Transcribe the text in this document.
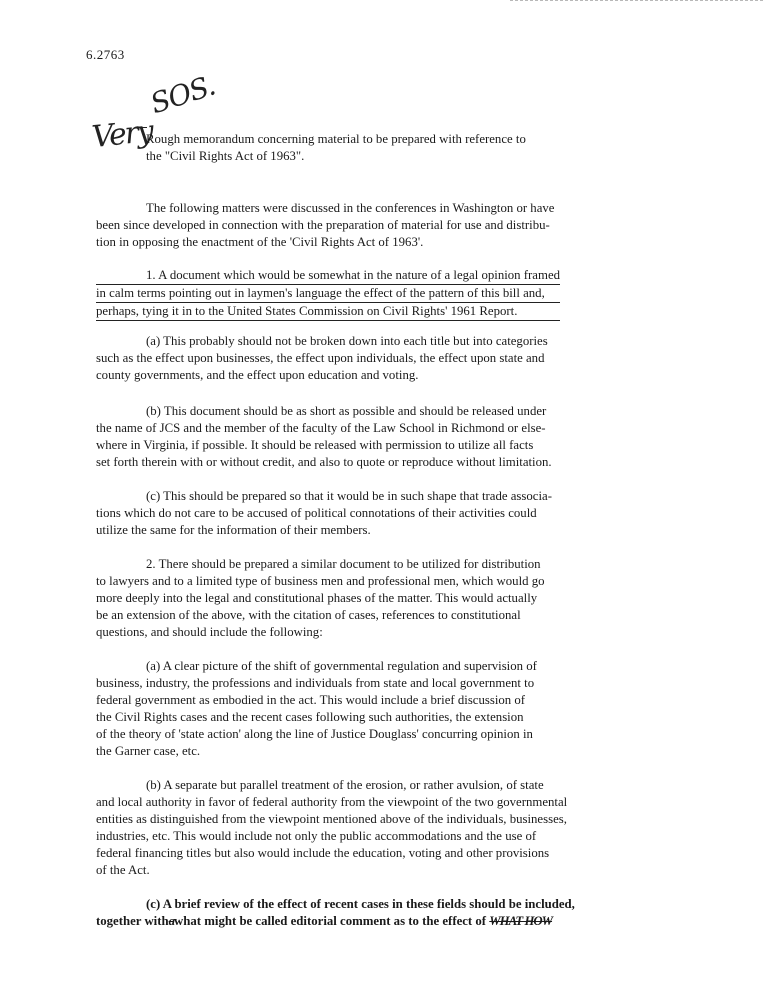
6.2763
SOS.
Very
Rough memorandum concerning material to be prepared with reference to
the "Civil Rights Act of 1963".
The following matters were discussed in the conferences in Washington or have
been since developed in connection with the preparation of material for use and distribu-
tion in opposing the enactment of the 'Civil Rights Act of 1963'.
1. A document which would be somewhat in the nature of a legal opinion framed
in calm terms pointing out in laymen's language the effect of the pattern of this bill and,
perhaps, tying it in to the United States Commission on Civil Rights' 1961 Report.
(a) This probably should not be broken down into each title but into categories
such as the effect upon businesses, the effect upon individuals, the effect upon state and
county governments, and the effect upon education and voting.
(b) This document should be as short as possible and should be released under
the name of JCS and the member of the faculty of the Law School in Richmond or else-
where in Virginia, if possible. It should be released with permission to utilize all facts
set forth therein with or without credit, and also to quote or reproduce without limitation.
(c) This should be prepared so that it would be in such shape that trade associa-
tions which do not care to be accused of political connotations of their activities could
utilize the same for the information of their members.
2. There should be prepared a similar document to be utilized for distribution
to lawyers and to a limited type of business men and professional men, which would go
more deeply into the legal and constitutional phases of the matter. This would actually
be an extension of the above, with the citation of cases, references to constitutional
questions, and should include the following:
(a) A clear picture of the shift of governmental regulation and supervision of
business, industry, the professions and individuals from state and local government to
federal government as embodied in the act. This would include a brief discussion of
the Civil Rights cases and the recent cases following such authorities, the extension
of the theory of 'state action' along the line of Justice Douglass' concurring opinion in
the Garner case, etc.
(b) A separate but parallel treatment of the erosion, or rather avulsion, of state
and local authority in favor of federal authority from the viewpoint of the two governmental
entities as distinguished from the viewpoint mentioned above of the individuals, businesses,
industries, etc. This would include not only the public accommodations and the use of
federal financing titles but also would include the education, voting and other provisions
of the Act.
(c) A brief review of the effect of recent cases in these fields should be included,
together withawhat might be called editorial comment as to the effect of WHAT HOW
